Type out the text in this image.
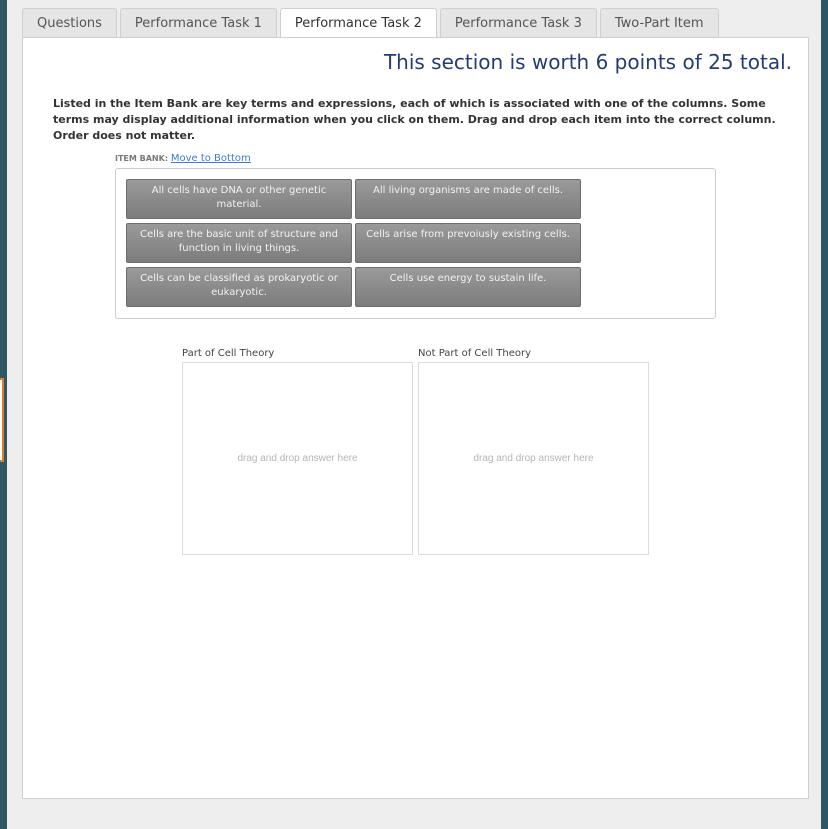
Questions	Performance Task 1	Performance Task 2	Performance Task 3	Two-Part Item
This section is worth 6 points of 25 total.
Listed in the Item Bank are key terms and expressions, each of which is associated with one of the columns. Some terms may display additional information when you click on them. Drag and drop each item into the correct column. Order does not matter.
ITEM BANK: Move to Bottom
All cells have DNA or other genetic material.
All living organisms are made of cells.
Cells are the basic unit of structure and function in living things.
Cells arise from prevoiusly existing cells.
Cells can be classified as prokaryotic or eukaryotic.
Cells use energy to sustain life.
Part of Cell Theory
drag and drop answer here
Not Part of Cell Theory
drag and drop answer here
